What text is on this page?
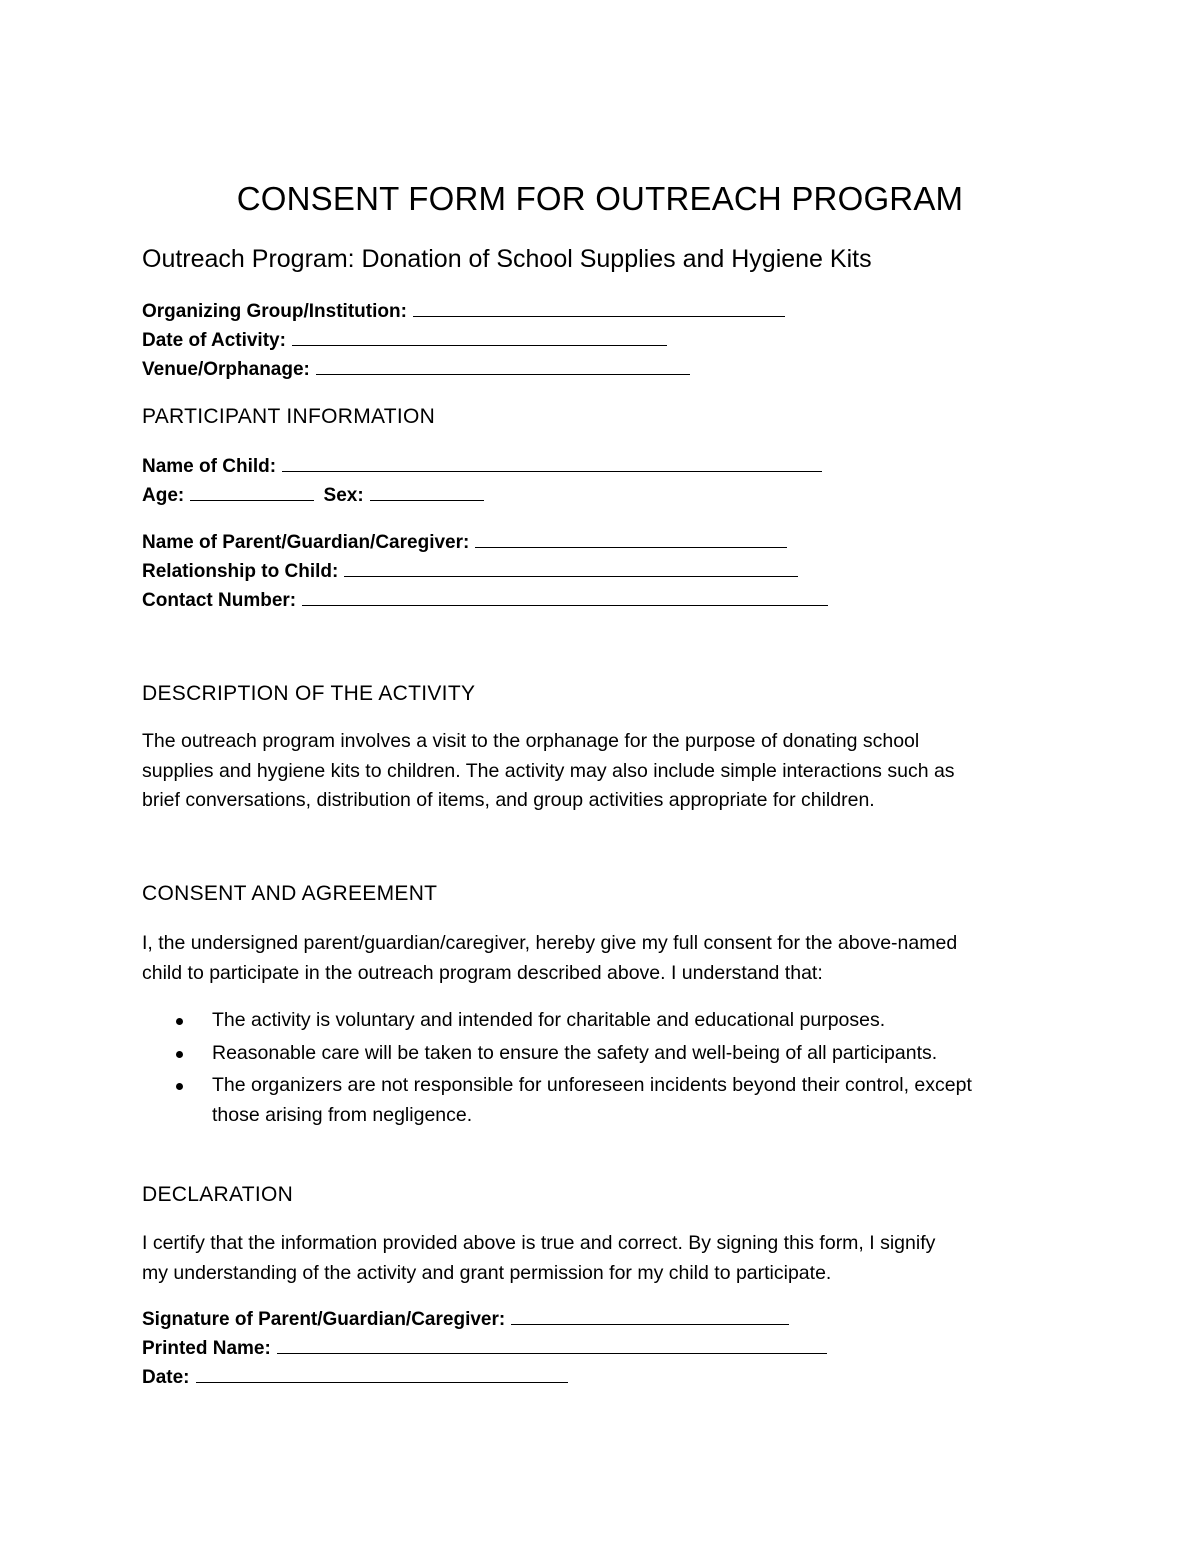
CONSENT FORM FOR OUTREACH PROGRAM
Outreach Program: Donation of School Supplies and Hygiene Kits
Organizing Group/Institution:
Date of Activity:
Venue/Orphanage:
PARTICIPANT INFORMATION
Name of Child:
Age:	Sex:
Name of Parent/Guardian/Caregiver:
Relationship to Child:
Contact Number:
DESCRIPTION OF THE ACTIVITY
The outreach program involves a visit to the orphanage for the purpose of donating school
supplies and hygiene kits to children. The activity may also include simple interactions such as
brief conversations, distribution of items, and group activities appropriate for children.
CONSENT AND AGREEMENT
I, the undersigned parent/guardian/caregiver, hereby give my full consent for the above-named
child to participate in the outreach program described above. I understand that:
The activity is voluntary and intended for charitable and educational purposes.
Reasonable care will be taken to ensure the safety and well-being of all participants.
The organizers are not responsible for unforeseen incidents beyond their control, except
those arising from negligence.
DECLARATION
I certify that the information provided above is true and correct. By signing this form, I signify
my understanding of the activity and grant permission for my child to participate.
Signature of Parent/Guardian/Caregiver:
Printed Name:
Date:
